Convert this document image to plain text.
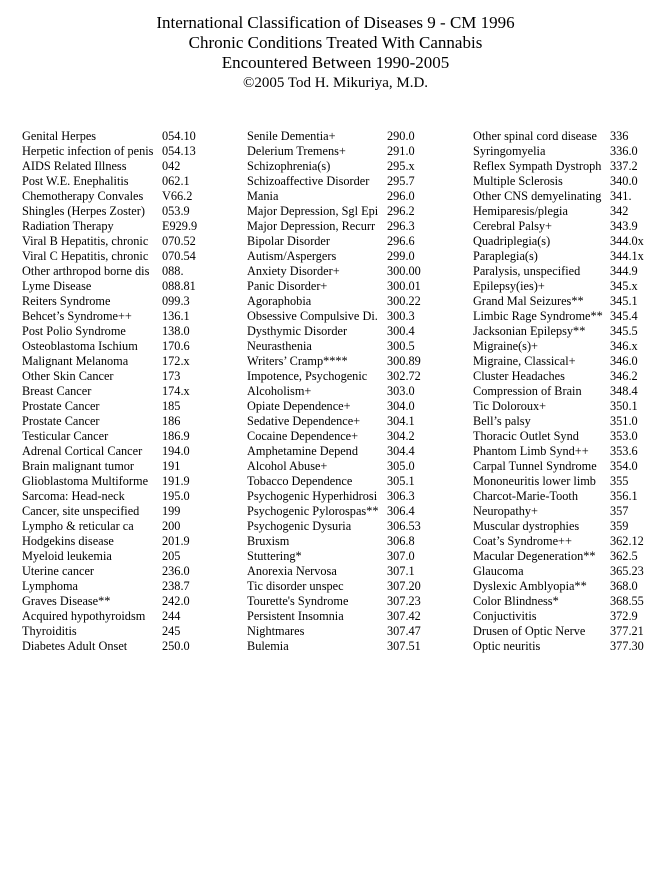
International Classification of Diseases 9 - CM 1996
Chronic Conditions Treated With Cannabis
Encountered Between 1990-2005
©2005 Tod H. Mikuriya, M.D.
Genital Herpes	054.10
Herpetic infection of penis 054.13
AIDS Related Illness	042
Post W.E. Enephalitis	062.1
Chemotherapy Convales	V66.2
Shingles (Herpes Zoster)	053.9
Radiation Therapy	E929.9
Viral B Hepatitis, chronic	070.52
Viral C Hepatitis, chronic	070.54
Other arthropod borne dis	088.
Lyme Disease	088.81
Reiters Syndrome	099.3
Behcet’s Syndrome++	136.1
Post Polio Syndrome	138.0
Osteoblastoma Ischium	170.6
Malignant Melanoma	172.x
Other Skin Cancer	173
Breast Cancer	174.x
Prostate Cancer	185
Prostate Cancer	186
Testicular Cancer	186.9
Adrenal Cortical Cancer	194.0
Brain malignant tumor	191
Glioblastoma Multiforme	191.9
Sarcoma: Head-neck	195.0
Cancer, site unspecified	199
Lympho & reticular ca	200
Hodgekins disease	201.9
Myeloid leukemia	205
Uterine cancer	236.0
Lymphoma	238.7
Graves Disease**	242.0
Acquired hypothyroidsm	244
Thyroiditis	245
Diabetes Adult Onset	250.0
Senile Dementia+	290.0
Delerium Tremens+	291.0
Schizophrenia(s)	295.x
Schizoaffective Disorder	295.7
Mania	296.0
Major Depression, Sgl Epi 296.2
Major Depression, Recurr 296.3
Bipolar Disorder	296.6
Autism/Aspergers	299.0
Anxiety Disorder+	300.00
Panic Disorder+	300.01
Agoraphobia	300.22
Obsessive Compulsive Di. 300.3
Dysthymic Disorder	300.4
Neurasthenia	300.5
Writers’ Cramp****	300.89
Impotence, Psychogenic	302.72
Alcoholism+	303.0
Opiate Dependence+	304.0
Sedative Dependence+	304.1
Cocaine Dependence+	304.2
Amphetamine Depend	304.4
Alcohol Abuse+	305.0
Tobacco Dependence	305.1
Psychogenic Hyperhidrosi 306.3
Psychogenic Pylorospas** 306.4
Psychogenic Dysuria	306.53
Bruxism	306.8
Stuttering*	307.0
Anorexia Nervosa	307.1
Tic disorder unspec	307.20
Tourette's Syndrome	307.23
Persistent Insomnia	307.42
Nightmares	307.47
Bulemia	307.51
Other spinal cord disease	336
Syringomyelia	336.0
Reflex Sympath Dystroph 337.2
Multiple Sclerosis	340.0
Other CNS demyelinating 341.
Hemiparesis/plegia	342
Cerebral Palsy+	343.9
Quadriplegia(s)	344.0x
Paraplegia(s)	344.1x
Paralysis, unspecified	344.9
Epilepsy(ies)+	345.x
Grand Mal Seizures**	345.1
Limbic Rage Syndrome** 345.4
Jacksonian Epilepsy**	345.5
Migraine(s)+	346.x
Migraine, Classical+	346.0
Cluster Headaches	346.2
Compression of Brain	348.4
Tic Doloroux+	350.1
Bell’s palsy	351.0
Thoracic Outlet Synd	353.0
Phantom Limb Synd++	353.6
Carpal Tunnel Syndrome	354.0
Mononeuritis lower limb	355
Charcot-Marie-Tooth	356.1
Neuropathy+	357
Muscular dystrophies	359
Coat’s Syndrome++	362.12
Macular Degeneration**	362.5
Glaucoma	365.23
Dyslexic Amblyopia**	368.0
Color Blindness*	368.55
Conjuctivitis	372.9
Drusen of Optic Nerve	377.21
Optic neuritis	377.30
